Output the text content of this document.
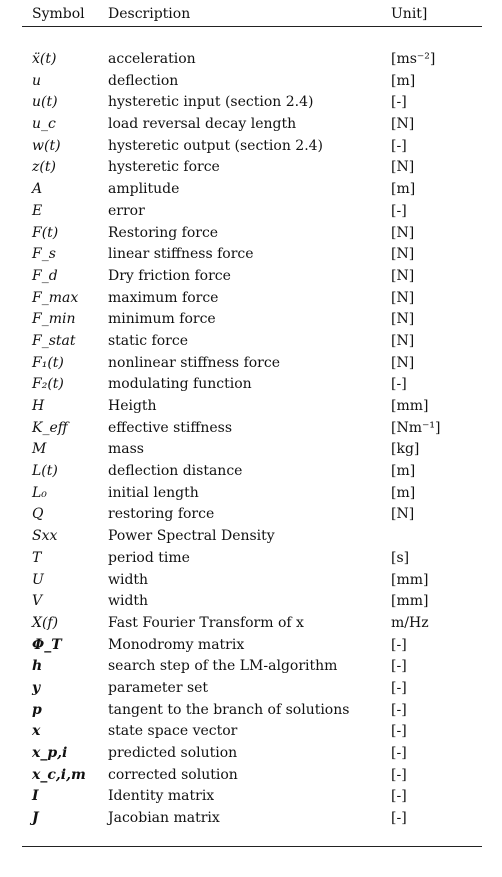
Symbol Description	Unit]
ẍ(t)	acceleration	[ms⁻²]
u	deflection	[m]
u(t)	hysteretic input (section 2.4)	[-]
u_c	load reversal decay length	[N]
w(t)	hysteretic output (section 2.4)	[-]
z(t)	hysteretic force	[N]
A	amplitude	[m]
E	error	[-]
F(t)	Restoring force	[N]
F_s	linear stiffness force	[N]
F_d	Dry friction force	[N]
F_max maximum force	[N]
F_min minimum force	[N]
F_stat static force	[N]
F₁(t)	nonlinear stiffness force	[N]
F₂(t)	modulating function	[-]
H	Heigth	[mm]
K_eff	effective stiffness	[Nm⁻¹]
M	mass	[kg]
L(t)	deflection distance	[m]
L₀	initial length	[m]
Q	restoring force	[N]
Sxx	Power Spectral Density
T	period time	[s]
U	width	[mm]
V	width	[mm]
X(f)	Fast Fourier Transform of x	m/Hz
Φ_T	Monodromy matrix	[-]
h	search step of the LM-algorithm	[-]
y	parameter set	[-]
p	tangent to the branch of solutions	[-]
x	state space vector	[-]
x_p,i	predicted solution	[-]
x_c,i,m corrected solution	[-]
I	Identity matrix	[-]
J	Jacobian matrix	[-]
